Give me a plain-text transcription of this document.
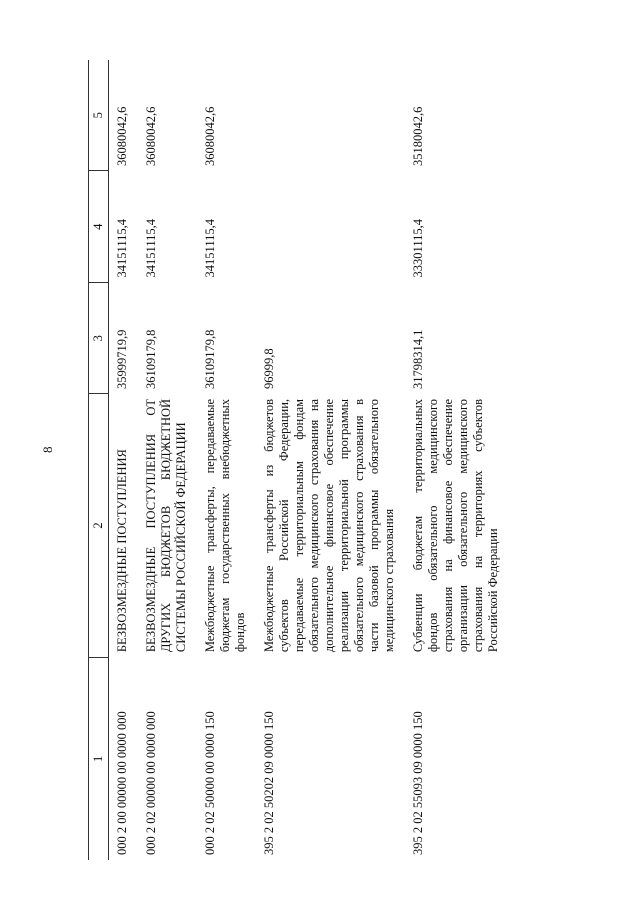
8
1	2	3	4	5
000 2 00 00000 00 0000 000	БЕЗВОЗМЕЗДНЫЕ ПОСТУПЛЕНИЯ	35999719,9	34151115,4	36080042,6
000 2 02 00000 00 0000 000	БЕЗВОЗМЕЗДНЫЕ ПОСТУПЛЕНИЯ ОТ ДРУГИХ БЮДЖЕТОВ БЮДЖЕТНОЙ СИСТЕМЫ РОССИЙСКОЙ ФЕДЕРАЦИИ	36109179,8	34151115,4	36080042,6
000 2 02 50000 00 0000 150	Межбюджетные трансферты, передаваемые бюджетам государственных внебюджетных фондов	36109179,8	34151115,4	36080042,6
395 2 02 50202 09 0000 150	Межбюджетные трансферты из бюджетов субъектов Российской Федерации, передаваемые территориальным фондам обязательного медицинского страхования на дополнительное финансовое обеспечение реализации территориальной программы обязательного медицинского страхования в части базовой программы обязательного медицинского страхования	96999,8		
395 2 02 55093 09 0000 150	Субвенции бюджетам территориальных фондов обязательного медицинского страхования на финансовое обеспечение организации обязательного медицинского страхования на территориях субъектов Российской Федерации	31798314,1	33301115,4	35180042,6
